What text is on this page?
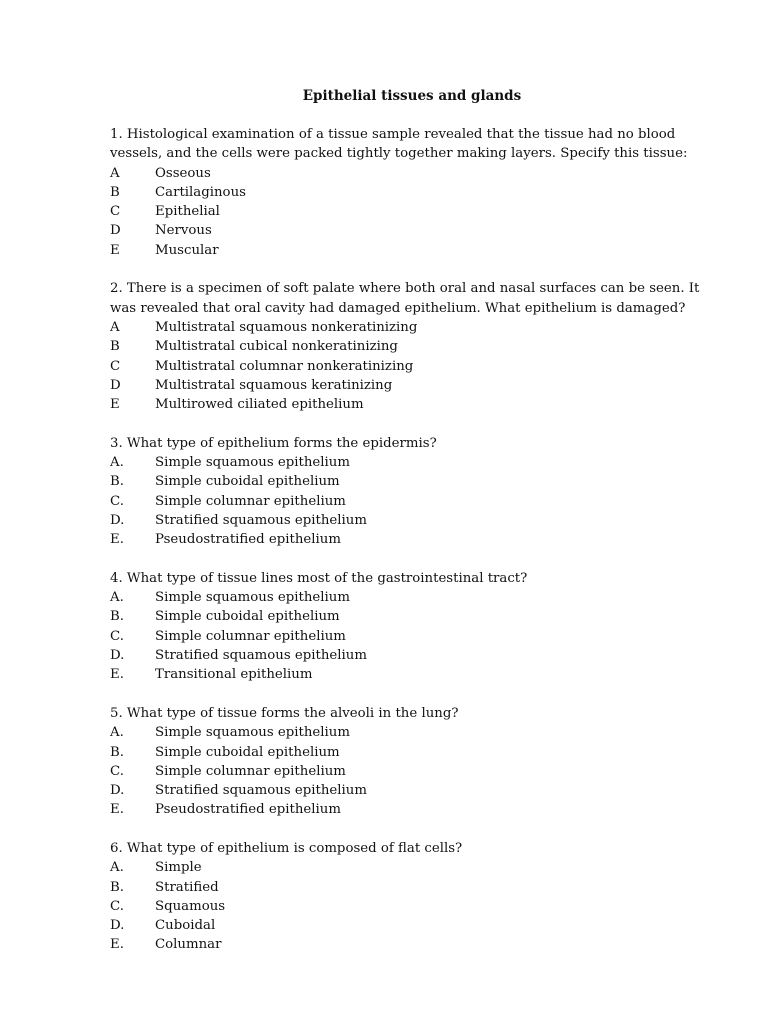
Epithelial tissues and glands

1. Histological examination of a tissue sample revealed that the tissue had no blood vessels, and the cells were packed tightly together making layers. Specify this tissue:

A	Osseous
B	Cartilaginous
C	Epithelial
D	Nervous
E	Muscular

2. There is a specimen of soft palate where both oral and nasal surfaces can be seen. It was revealed that oral cavity had damaged epithelium. What epithelium is damaged?

A	Multistratal squamous nonkeratinizing
B	Multistratal cubical nonkeratinizing
C	Multistratal columnar nonkeratinizing
D	Multistratal squamous keratinizing
E	Multirowed ciliated epithelium

3. What type of epithelium forms the epidermis?

A.	Simple squamous epithelium
B.	Simple cuboidal epithelium
C.	Simple columnar epithelium
D.	Stratified squamous epithelium
E.	Pseudostratified epithelium

4. What type of tissue lines most of the gastrointestinal tract?

A.	Simple squamous epithelium
B.	Simple cuboidal epithelium
C.	Simple columnar epithelium
D.	Stratified squamous epithelium
E.	Transitional epithelium

5. What type of tissue forms the alveoli in the lung?

A.	Simple squamous epithelium
B.	Simple cuboidal epithelium
C.	Simple columnar epithelium
D.	Stratified squamous epithelium
E.	Pseudostratified epithelium

6. What type of epithelium is composed of flat cells?

A.	Simple
B.	Stratified
C.	Squamous
D.	Cuboidal
E.	Columnar
